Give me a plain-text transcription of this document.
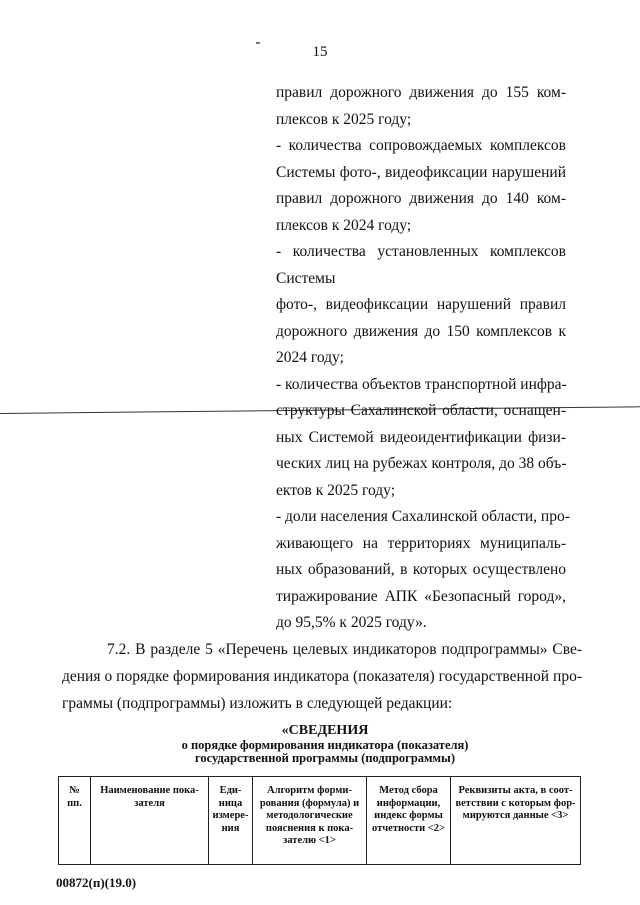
15
правил дорожного движения до 155 ком-
плексов к 2025 году;
- количества сопровождаемых комплексов
Системы фото-, видеофиксации нарушений
правил дорожного движения до 140 ком-
плексов к 2024 году;
- количества установленных комплексов
Системы
фото-, видеофиксации нарушений правил
дорожного движения до 150 комплексов к
2024 году;
- количества объектов транспортной инфра-
структуры Сахалинской области, оснащен-
ных Системой видеоидентификации физи-
ческих лиц на рубежах контроля, до 38 объ-
ектов к 2025 году;
- доли населения Сахалинской области, про-
живающего на территориях муниципаль-
ных образований, в которых осуществлено
тиражирование АПК «Безопасный город»,
до 95,5% к 2025 году».
7.2. В разделе 5 «Перечень целевых индикаторов подпрограммы» Све-
дения о порядке формирования индикатора (показателя) государственной про-
граммы (подпрограммы) изложить в следующей редакции:
«СВЕДЕНИЯ
о порядке формирования индикатора (показателя)
государственной программы (подпрограммы)
№ пп.	Наименование пока- зателя	Еди- ница измере- ния	Алгоритм форми- рования (формула) и методологические пояснения к пока- зателю <1>	Метод сбора информации, индекс формы отчетности <2>	Реквизиты акта, в соот- ветствии с которым фор- мируются данные <3>
00872(п)(19.0)
